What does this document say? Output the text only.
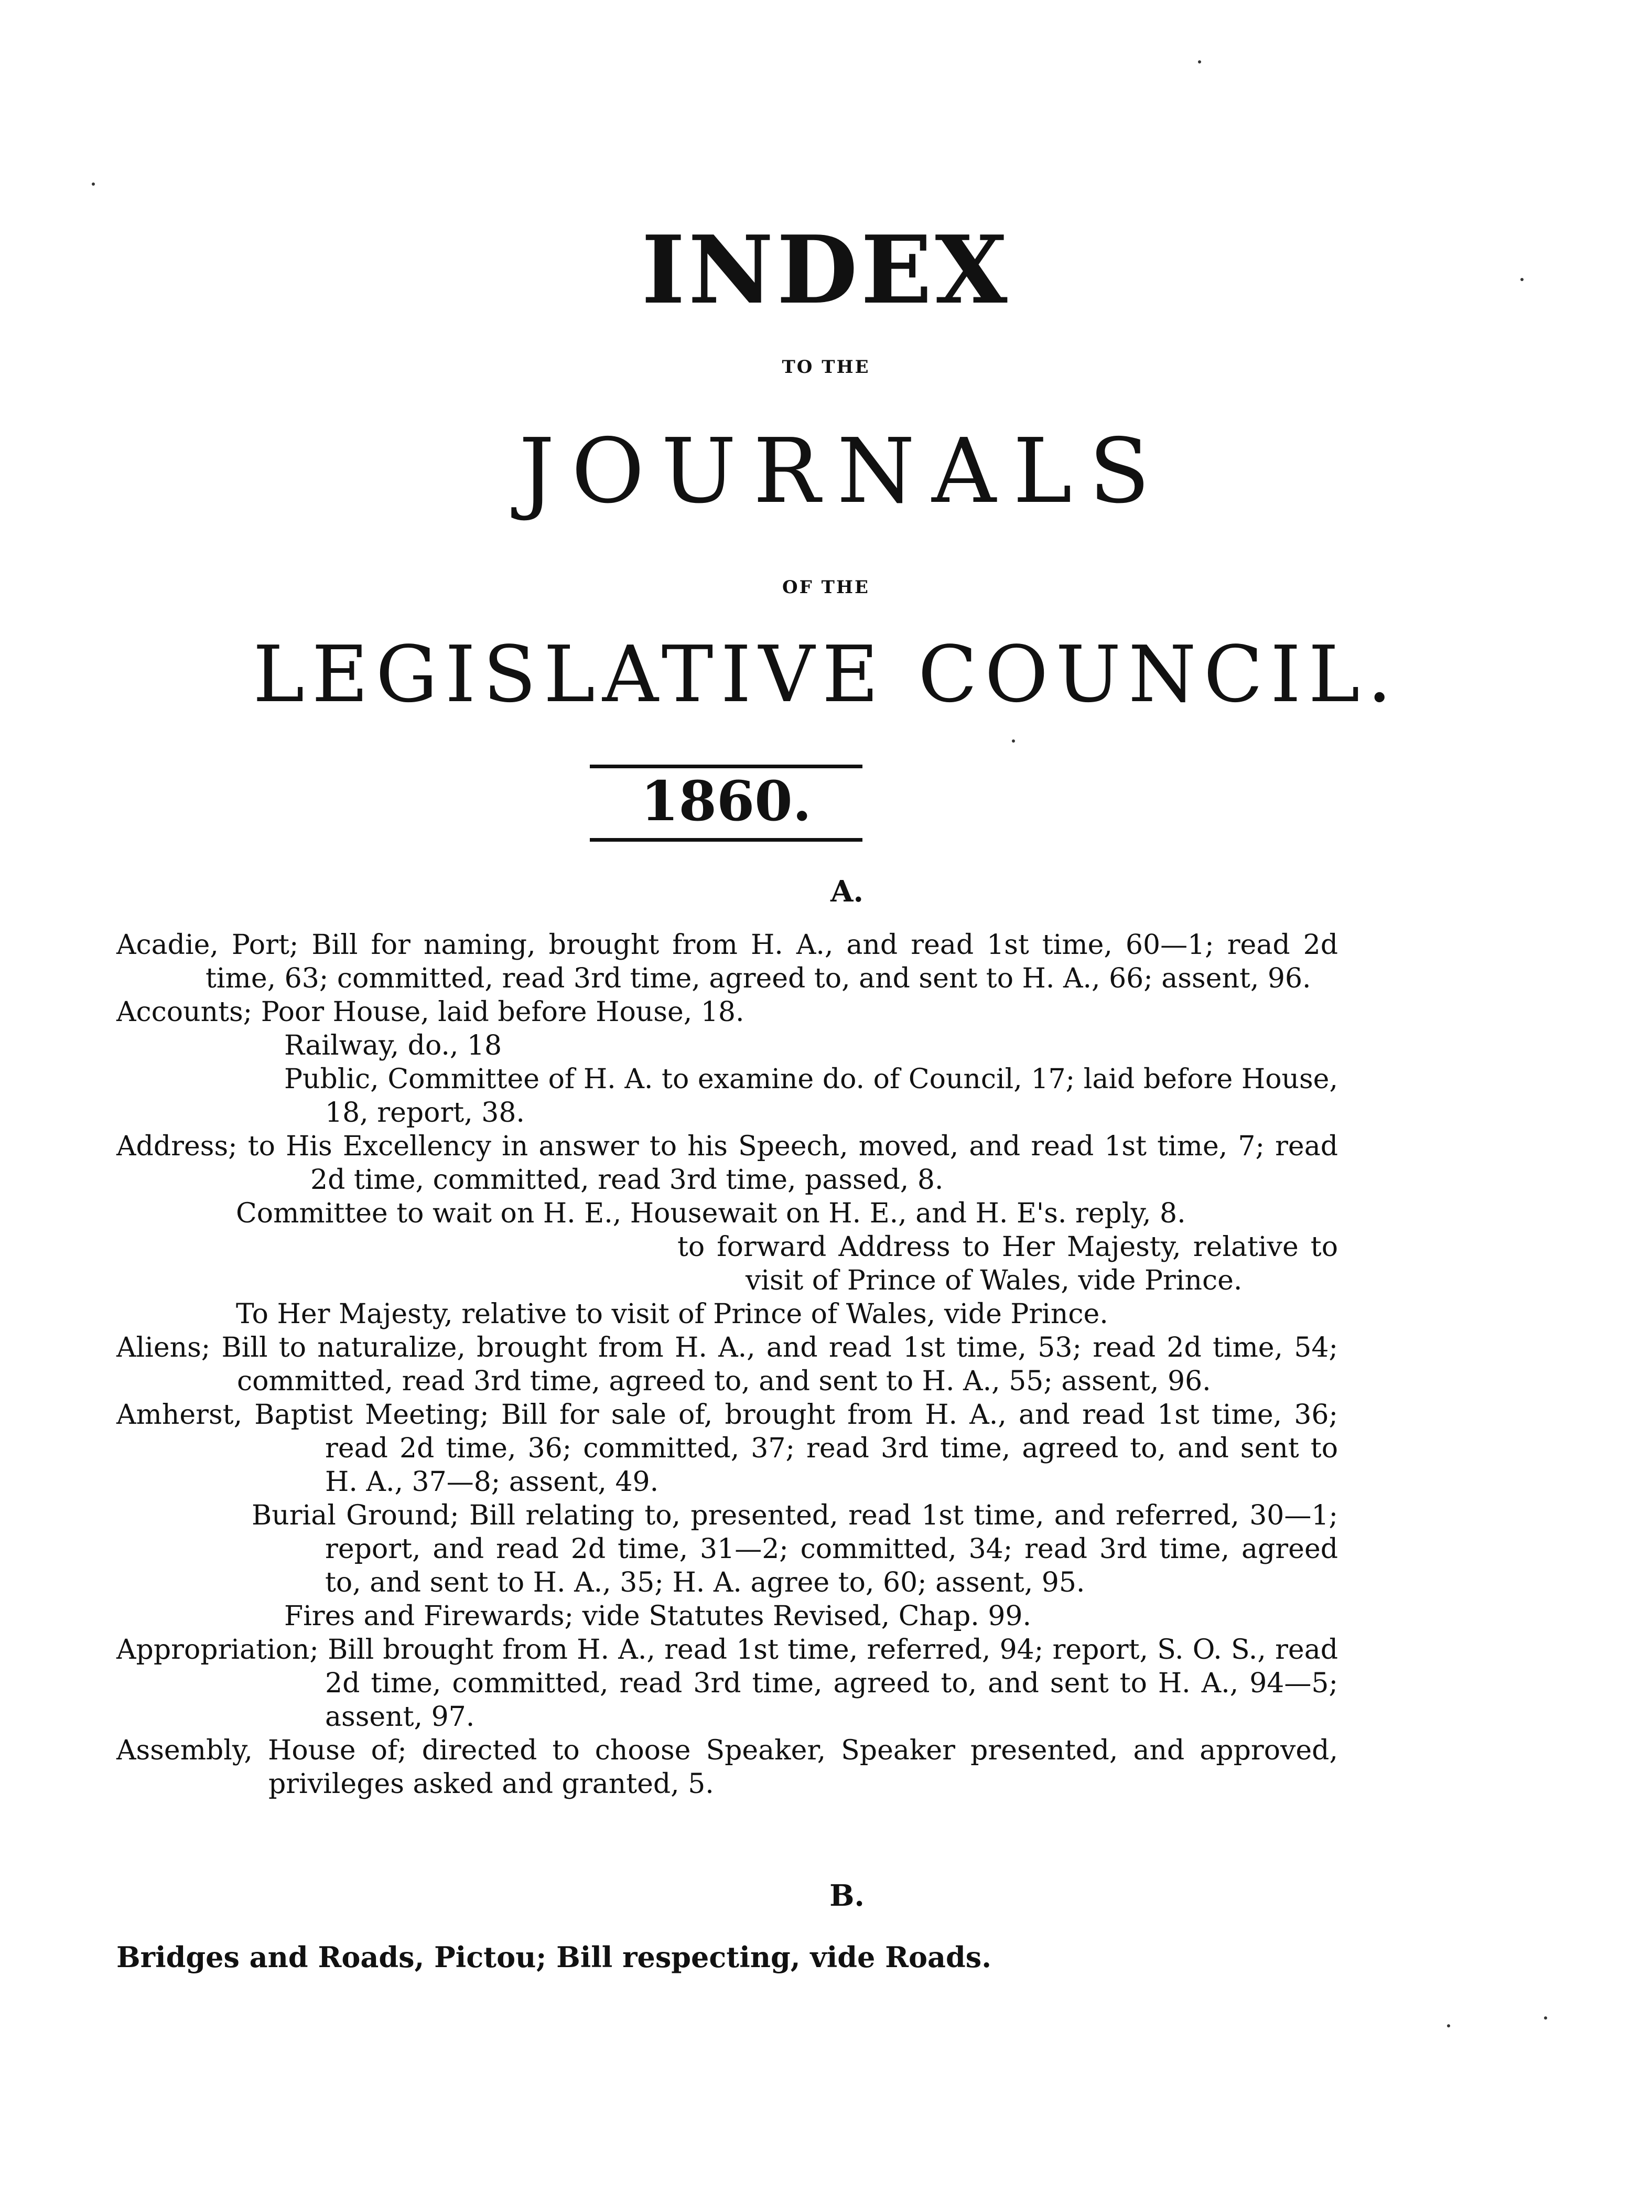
INDEX
TO THE
JOURNALS
OF THE
LEGISLATIVE COUNCIL.
1860.
A.
Acadie, Port; Bill for naming, brought from H. A., and read 1st time, 60—1; read 2d time, 63; committed, read 3rd time, agreed to, and sent to H. A., 66; assent, 96.
Accounts; Poor House, laid before House, 18.
Railway, do., 18
Public, Committee of H. A. to examine do. of Council, 17; laid before House, 18, report, 38.
Address; to His Excellency in answer to his Speech, moved, and read 1st time, 7; read 2d time, committed, read 3rd time, passed, 8.
Committee to wait on H. E., Housewait on H. E., and H. E's. reply, 8.
to forward Address to Her Majesty, relative to visit of Prince of Wales, vide Prince.
To Her Majesty, relative to visit of Prince of Wales, vide Prince.
Aliens; Bill to naturalize, brought from H. A., and read 1st time, 53; read 2d time, 54; committed, read 3rd time, agreed to, and sent to H. A., 55; assent, 96.
Amherst, Baptist Meeting; Bill for sale of, brought from H. A., and read 1st time, 36; read 2d time, 36; committed, 37; read 3rd time, agreed to, and sent to H. A., 37—8; assent, 49.
Burial Ground; Bill relating to, presented, read 1st time, and referred, 30—1; report, and read 2d time, 31—2; committed, 34; read 3rd time, agreed to, and sent to H. A., 35; H. A. agree to, 60; assent, 95.
Fires and Firewards; vide Statutes Revised, Chap. 99.
Appropriation; Bill brought from H. A., read 1st time, referred, 94; report, S. O. S., read 2d time, committed, read 3rd time, agreed to, and sent to H. A., 94—5; assent, 97.
Assembly, House of; directed to choose Speaker, Speaker presented, and approved, privileges asked and granted, 5.
B.
Bridges and Roads, Pictou; Bill respecting, vide Roads.
